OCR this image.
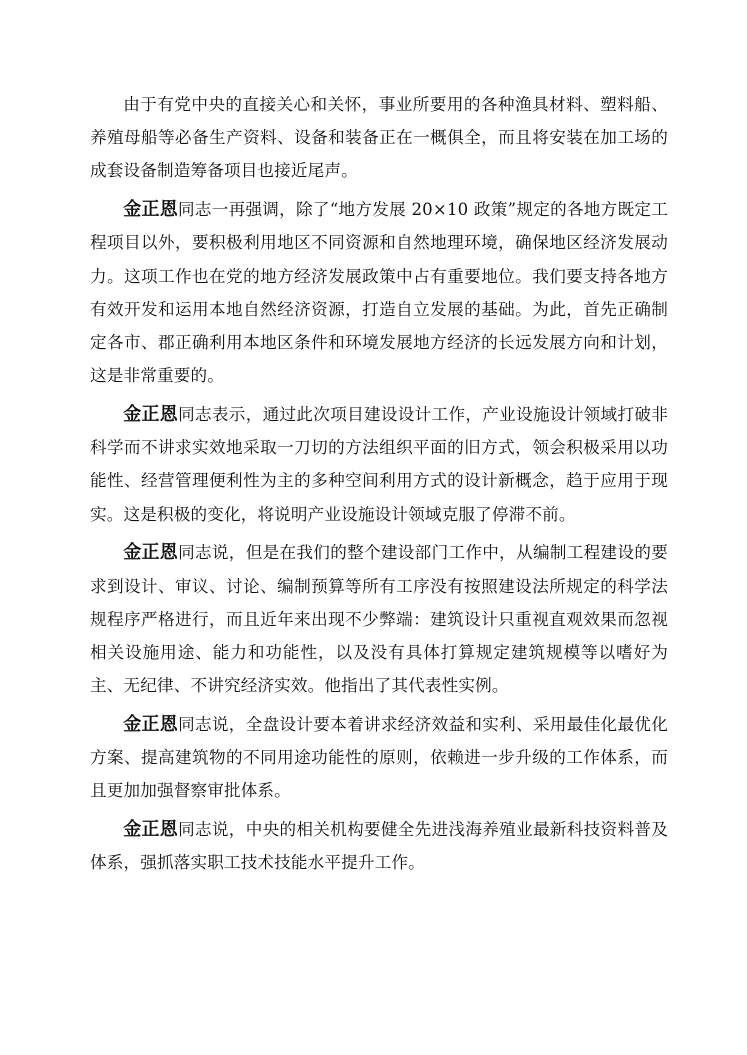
由于有党中央的直接关心和关怀，事业所要用的各种渔具材料、塑料船、养殖母船等必备生产资料、设备和装备正在一概俱全，而且将安装在加工场的成套设备制造筹备项目也接近尾声。

金正恩同志一再强调，除了“地方发展 20×10 政策”规定的各地方既定工程项目以外，要积极利用地区不同资源和自然地理环境，确保地区经济发展动力。这项工作也在党的地方经济发展政策中占有重要地位。我们要支持各地方有效开发和运用本地自然经济资源，打造自立发展的基础。为此，首先正确制定各市、郡正确利用本地区条件和环境发展地方经济的长远发展方向和计划，这是非常重要的。

金正恩同志表示，通过此次项目建设设计工作，产业设施设计领域打破非科学而不讲求实效地采取一刀切的方法组织平面的旧方式，领会积极采用以功能性、经营管理便利性为主的多种空间利用方式的设计新概念，趋于应用于现实。这是积极的变化，将说明产业设施设计领域克服了停滞不前。

金正恩同志说，但是在我们的整个建设部门工作中，从编制工程建设的要求到设计、审议、讨论、编制预算等所有工序没有按照建设法所规定的科学法规程序严格进行，而且近年来出现不少弊端：建筑设计只重视直观效果而忽视相关设施用途、能力和功能性，以及没有具体打算规定建筑规模等以嗜好为主、无纪律、不讲究经济实效。他指出了其代表性实例。

金正恩同志说，全盘设计要本着讲求经济效益和实利、采用最佳化最优化方案、提高建筑物的不同用途功能性的原则，依赖进一步升级的工作体系，而且更加加强督察审批体系。

金正恩同志说，中央的相关机构要健全先进浅海养殖业最新科技资料普及体系，强抓落实职工技术技能水平提升工作。
